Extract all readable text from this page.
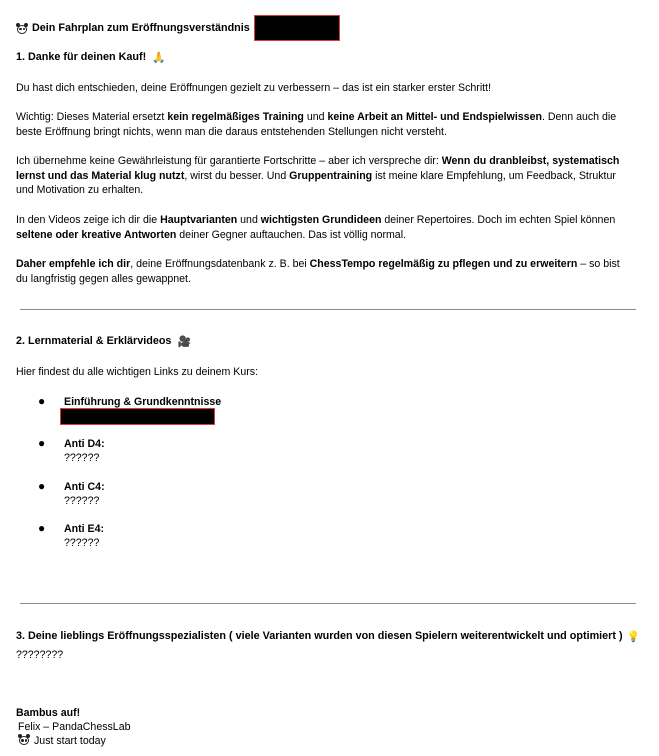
Dein Fahrplan zum Eröffnungsverständnis
1. Danke für deinen Kauf! 🙏
Du hast dich entschieden, deine Eröffnungen gezielt zu verbessern – das ist ein starker erster Schritt!
Wichtig: Dieses Material ersetzt kein regelmäßiges Training und keine Arbeit an Mittel- und Endspielwissen. Denn auch die beste Eröffnung bringt nichts, wenn man die daraus entstehenden Stellungen nicht versteht.
Ich übernehme keine Gewährleistung für garantierte Fortschritte – aber ich verspreche dir: Wenn du dranbleibst, systematisch lernst und das Material klug nutzt, wirst du besser. Und Gruppentraining ist meine klare Empfehlung, um Feedback, Struktur und Motivation zu erhalten.
In den Videos zeige ich dir die Hauptvarianten und wichtigsten Grundideen deiner Repertoires. Doch im echten Spiel können seltene oder kreative Antworten deiner Gegner auftauchen. Das ist völlig normal.
Daher empfehle ich dir, deine Eröffnungsdatenbank z. B. bei ChessTempo regelmäßig zu pflegen und zu erweitern – so bist du langfristig gegen alles gewappnet.
2. Lernmaterial & Erklärvideos 🎥
Hier findest du alle wichtigen Links zu deinem Kurs:
● Einführung & Grundkenntnisse
● Anti D4:
??????
● Anti C4:
??????
● Anti E4:
??????
3. Deine lieblings Eröffnungsspezialisten ( viele Varianten wurden von diesen Spielern weiterentwickelt und optimiert ) 💡
????????
Bambus auf!
Felix – PandaChessLab
Just start today
